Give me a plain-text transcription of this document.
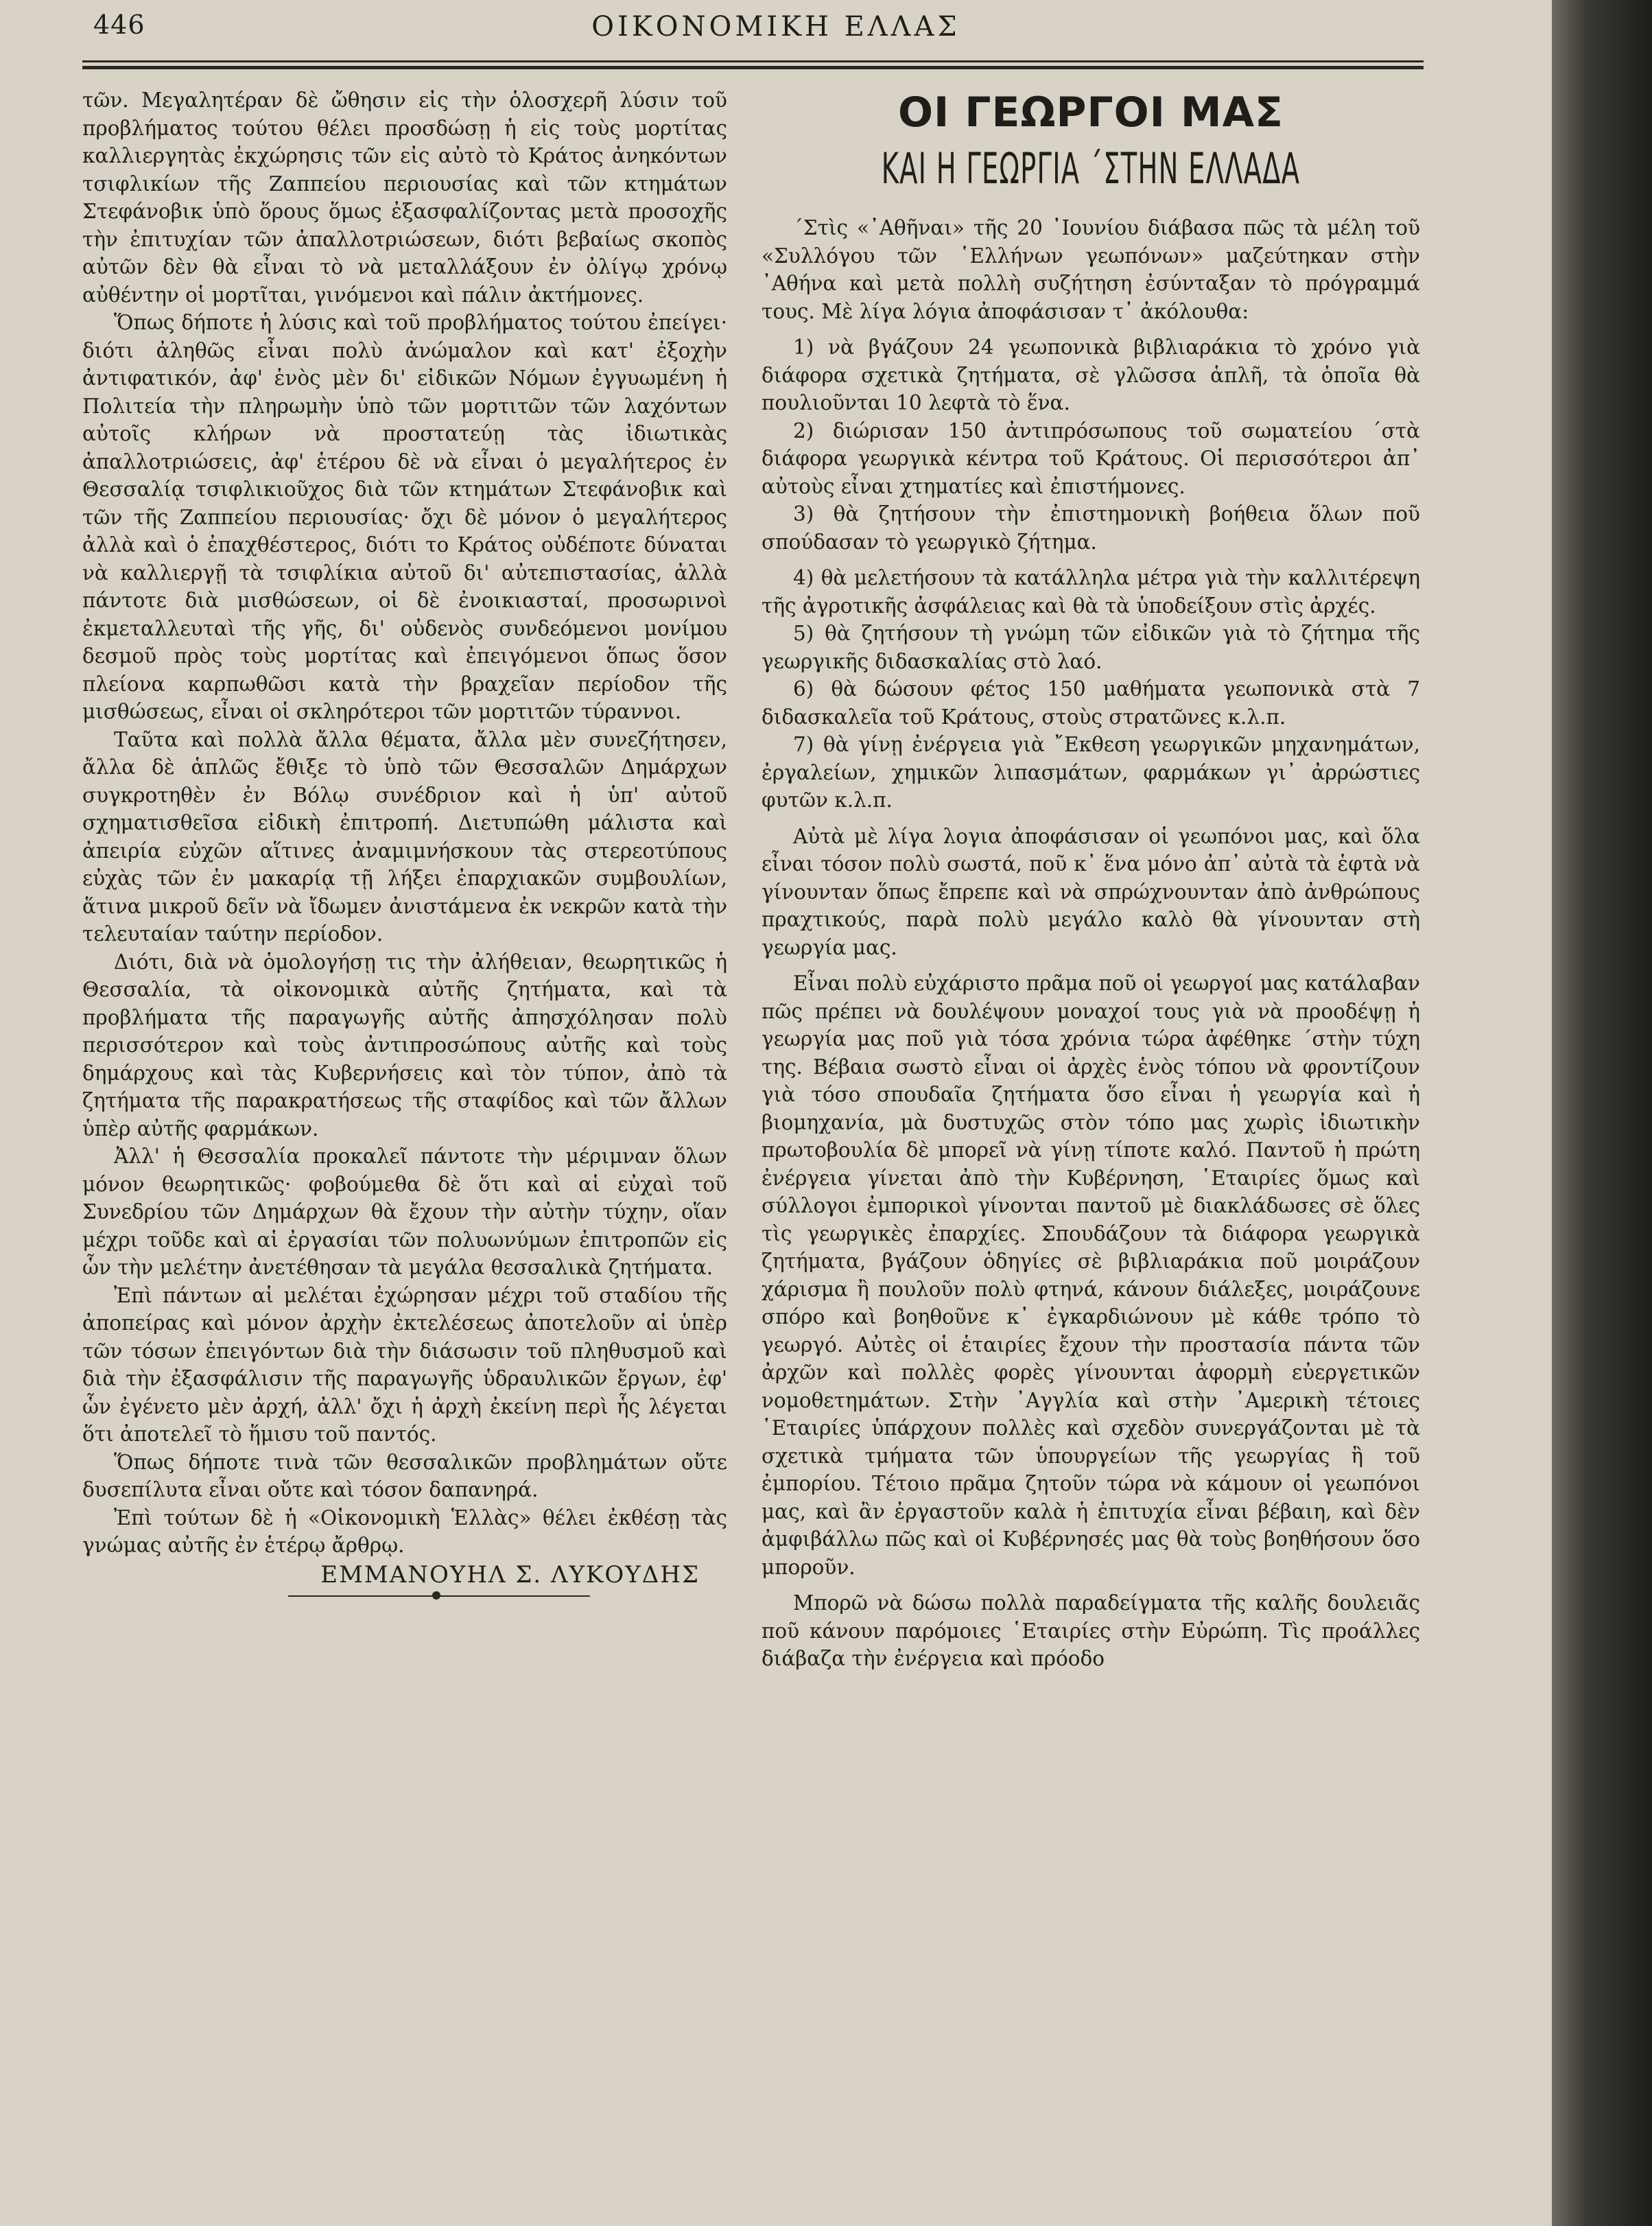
446	ΟΙΚΟΝΟΜΙΚΗ ΕΛΛΑΣ

τῶν. Μεγαλητέραν δὲ ὤθησιν εἰς τὴν ὁλοσχερῆ λύσιν τοῦ προβλήματος τούτου θέλει προσδώσῃ ἡ εἰς τοὺς μορτίτας καλλιεργητὰς ἐκχώρησις τῶν εἰς αὐτὸ τὸ Κράτος ἀνηκόντων τσιφλικίων τῆς Ζαππείου περιουσίας καὶ τῶν κτημάτων Στεφάνοβικ ὑπὸ ὅρους ὅμως ἐξασφαλίζοντας μετὰ προσοχῆς τὴν ἐπιτυχίαν τῶν ἀπαλλοτριώσεων, διότι βεβαίως σκοπὸς αὐτῶν δὲν θὰ εἶναι τὸ νὰ μεταλλάξουν ἐν ὀλίγῳ χρόνῳ αὐθέντην οἱ μορτῖται, γινόμενοι καὶ πάλιν ἀκτήμονες.

Ὅπως δήποτε ἡ λύσις καὶ τοῦ προβλήματος τούτου ἐπείγει· διότι ἀληθῶς εἶναι πολὺ ἀνώμαλον καὶ κατ' ἐξοχὴν ἀντιφατικόν, ἀφ' ἑνὸς μὲν δι' εἰδικῶν Νόμων ἐγγυωμένη ἡ Πολιτεία τὴν πληρωμὴν ὑπὸ τῶν μορτιτῶν τῶν λαχόντων αὐτοῖς κλήρων νὰ προστατεύῃ τὰς ἰδιωτικὰς ἀπαλλοτριώσεις, ἀφ' ἑτέρου δὲ νὰ εἶναι ὁ μεγαλήτερος ἐν Θεσσαλίᾳ τσιφλικιοῦχος διὰ τῶν κτημάτων Στεφάνοβικ καὶ τῶν τῆς Ζαππείου περιουσίας· ὄχι δὲ μόνον ὁ μεγαλήτερος ἀλλὰ καὶ ὁ ἐπαχθέστερος, διότι το Κράτος οὐδέποτε δύναται νὰ καλλιεργῇ τὰ τσιφλίκια αὐτοῦ δι' αὐτεπιστασίας, ἀλλὰ πάντοτε διὰ μισθώσεων, οἱ δὲ ἐνοικιασταί, προσωρινοὶ ἐκμεταλλευταὶ τῆς γῆς, δι' οὐδενὸς συνδεόμενοι μονίμου δεσμοῦ πρὸς τοὺς μορτίτας καὶ ἐπειγόμενοι ὅπως ὅσον πλείονα καρπωθῶσι κατὰ τὴν βραχεῖαν περίοδον τῆς μισθώσεως, εἶναι οἱ σκληρότεροι τῶν μορτιτῶν τύραννοι.

Ταῦτα καὶ πολλὰ ἄλλα θέματα, ἄλλα μὲν συνεζήτησεν, ἄλλα δὲ ἁπλῶς ἔθιξε τὸ ὑπὸ τῶν Θεσσαλῶν Δημάρχων συγκροτηθὲν ἐν Βόλῳ συνέδριον καὶ ἡ ὑπ' αὐτοῦ σχηματισθεῖσα εἰδικὴ ἐπιτροπή. Διετυπώθη μάλιστα καὶ ἀπειρία εὐχῶν αἵτινες ἀναμιμνήσκουν τὰς στερεοτύπους εὐχὰς τῶν ἐν μακαρίᾳ τῇ λήξει ἐπαρχιακῶν συμβουλίων, ἅτινα μικροῦ δεῖν νὰ ἴδωμεν ἀνιστάμενα ἐκ νεκρῶν κατὰ τὴν τελευταίαν ταύτην περίοδον.

Διότι, διὰ νὰ ὁμολογήσῃ τις τὴν ἀλήθειαν, θεωρητικῶς ἡ Θεσσαλία, τὰ οἰκονομικὰ αὐτῆς ζητήματα, καὶ τὰ προβλήματα τῆς παραγωγῆς αὐτῆς ἀπησχόλησαν πολὺ περισσότερον καὶ τοὺς ἀντιπροσώπους αὐτῆς καὶ τοὺς δημάρχους καὶ τὰς Κυβερνήσεις καὶ τὸν τύπον, ἀπὸ τὰ ζητήματα τῆς παρακρατήσεως τῆς σταφίδος καὶ τῶν ἄλλων ὑπὲρ αὐτῆς φαρμάκων.

Ἀλλ' ἡ Θεσσαλία προκαλεῖ πάντοτε τὴν μέριμναν ὅλων μόνον θεωρητικῶς· φοβούμεθα δὲ ὅτι καὶ αἱ εὐχαὶ τοῦ Συνεδρίου τῶν Δημάρχων θὰ ἔχουν τὴν αὐτὴν τύχην, οἵαν μέχρι τοῦδε καὶ αἱ ἐργασίαι τῶν πολυωνύμων ἐπιτροπῶν εἰς ὧν τὴν μελέτην ἀνετέθησαν τὰ μεγάλα θεσσαλικὰ ζητήματα.

Ἐπὶ πάντων αἱ μελέται ἐχώρησαν μέχρι τοῦ σταδίου τῆς ἀποπείρας καὶ μόνον ἀρχὴν ἐκτελέσεως ἀποτελοῦν αἱ ὑπὲρ τῶν τόσων ἐπειγόντων διὰ τὴν διάσωσιν τοῦ πληθυσμοῦ καὶ διὰ τὴν ἐξασφάλισιν τῆς παραγωγῆς ὑδραυλικῶν ἔργων, ἐφ' ὧν ἐγένετο μὲν ἀρχή, ἀλλ' ὄχι ἡ ἀρχὴ ἐκείνη περὶ ἧς λέγεται ὅτι ἀποτελεῖ τὸ ἥμισυ τοῦ παντός.

Ὅπως δήποτε τινὰ τῶν θεσσαλικῶν προβλημάτων οὔτε δυσεπίλυτα εἶναι οὔτε καὶ τόσον δαπανηρά.

Ἐπὶ τούτων δὲ ἡ «Οἰκονομικὴ Ἑλλὰς» θέλει ἐκθέσῃ τὰς γνώμας αὐτῆς ἐν ἑτέρῳ ἄρθρῳ.

ΕΜΜΑΝΟΥΗΛ Σ. ΛΥΚΟΥΔΗΣ
ΟΙ ΓΕΩΡΓΟΙ ΜΑΣ
ΚΑΙ Η ΓΕΩΡΓΙΑ ΄ΣΤΗΝ ΕΛΛΑΔΑ

΄Στὶς «᾽Αθῆναι» τῆς 20 ᾽Ιουνίου διάβασα πῶς τὰ μέλη τοῦ «Συλλόγου τῶν ῾Ελλήνων γεωπόνων» μαζεύτηκαν στὴν ᾽Αθήνα καὶ μετὰ πολλὴ συζήτηση ἐσύνταξαν τὸ πρόγραμμά τους. Μὲ λίγα λόγια ἀποφάσισαν τ᾽ ἀκόλουθα:

1) νὰ βγάζουν 24 γεωπονικὰ βιβλιαράκια τὸ χρόνο γιὰ διάφορα σχετικὰ ζητήματα, σὲ γλῶσσα ἁπλῆ, τὰ ὁποῖα θὰ πουλιοῦνται 10 λεφτὰ τὸ ἕνα.

2) διώρισαν 150 ἀντιπρόσωπους τοῦ σωματείου ΄στὰ διάφορα γεωργικὰ κέντρα τοῦ Κράτους. Οἱ περισσότεροι ἀπ᾽ αὐτοὺς εἶναι χτηματίες καὶ ἐπιστήμονες.

3) θὰ ζητήσουν τὴν ἐπιστημονικὴ βοήθεια ὅλων ποῦ σπούδασαν τὸ γεωργικὸ ζήτημα.

4) θὰ μελετήσουν τὰ κατάλληλα μέτρα γιὰ τὴν καλλιτέρεψη τῆς ἀγροτικῆς ἀσφάλειας καὶ θὰ τὰ ὑποδείξουν στὶς ἀρχές.

5) θὰ ζητήσουν τὴ γνώμη τῶν εἰδικῶν γιὰ τὸ ζήτημα τῆς γεωργικῆς διδασκαλίας στὸ λαό.

6) θὰ δώσουν φέτος 150 μαθήματα γεωπονικὰ στὰ 7 διδασκαλεῖα τοῦ Κράτους, στοὺς στρατῶνες κ.λ.π.

7) θὰ γίνῃ ἐνέργεια γιὰ ῎Εκθεση γεωργικῶν μηχανημάτων, ἐργαλείων, χημικῶν λιπασμάτων, φαρμάκων γι᾽ ἀρρώστιες φυτῶν κ.λ.π.

Αὐτὰ μὲ λίγα λογια ἀποφάσισαν οἱ γεωπόνοι μας, καὶ ὅλα εἶναι τόσον πολὺ σωστά, ποῦ κ᾽ ἕνα μόνο ἀπ᾽ αὐτὰ τὰ ἑφτὰ νὰ γίνουνταν ὅπως ἔπρεπε καὶ νὰ σπρώχνουνταν ἀπὸ ἀνθρώπους πραχτικούς, παρὰ πολὺ μεγάλο καλὸ θὰ γίνουνταν στὴ γεωργία μας.

Εἶναι πολὺ εὐχάριστο πρᾶμα ποῦ οἱ γεωργοί μας κατάλαβαν πῶς πρέπει νὰ δουλέψουν μοναχοί τους γιὰ νὰ προοδέψῃ ἡ γεωργία μας ποῦ γιὰ τόσα χρόνια τώρα ἀφέθηκε ΄στὴν τύχη της. Βέβαια σωστὸ εἶναι οἱ ἀρχὲς ἑνὸς τόπου νὰ φροντίζουν γιὰ τόσο σπουδαῖα ζητήματα ὅσο εἶναι ἡ γεωργία καὶ ἡ βιομηχανία, μὰ δυστυχῶς στὸν τόπο μας χωρὶς ἰδιωτικὴν πρωτοβουλία δὲ μπορεῖ νὰ γίνῃ τίποτε καλό. Παντοῦ ἡ πρώτη ἐνέργεια γίνεται ἀπὸ τὴν Κυβέρνηση, ῾Εταιρίες ὅμως καὶ σύλλογοι ἐμπορικοὶ γίνονται παντοῦ μὲ διακλάδωσες σὲ ὅλες τὶς γεωργικὲς ἐπαρχίες. Σπουδάζουν τὰ διάφορα γεωργικὰ ζητήματα, βγάζουν ὁδηγίες σὲ βιβλιαράκια ποῦ μοιράζουν χάρισμα ἢ πουλοῦν πολὺ φτηνά, κάνουν διάλεξες, μοιράζουνε σπόρο καὶ βοηθοῦνε κ᾽ ἐγκαρδιώνουν μὲ κάθε τρόπο τὸ γεωργό. Αὐτὲς οἱ ἑταιρίες ἔχουν τὴν προστασία πάντα τῶν ἀρχῶν καὶ πολλὲς φορὲς γίνουνται ἀφορμὴ εὐεργετικῶν νομοθετημάτων. Στὴν ᾽Αγγλία καὶ στὴν ᾽Αμερικὴ τέτοιες ῾Εταιρίες ὑπάρχουν πολλὲς καὶ σχεδὸν συνεργάζονται μὲ τὰ σχετικὰ τμήματα τῶν ὑπουργείων τῆς γεωργίας ἢ τοῦ ἐμπορίου. Τέτοιο πρᾶμα ζητοῦν τώρα νὰ κάμουν οἱ γεωπόνοι μας, καὶ ἂν ἐργαστοῦν καλὰ ἡ ἐπιτυχία εἶναι βέβαιη, καὶ δὲν ἀμφιβάλλω πῶς καὶ οἱ Κυβέρνησές μας θὰ τοὺς βοηθήσουν ὅσο μποροῦν.

Μπορῶ νὰ δώσω πολλὰ παραδείγματα τῆς καλῆς δουλειᾶς ποῦ κάνουν παρόμοιες ῾Εταιρίες στὴν Εὐρώπη. Τὶς προάλλες διάβαζα τὴν ἐνέργεια καὶ πρόοδο
